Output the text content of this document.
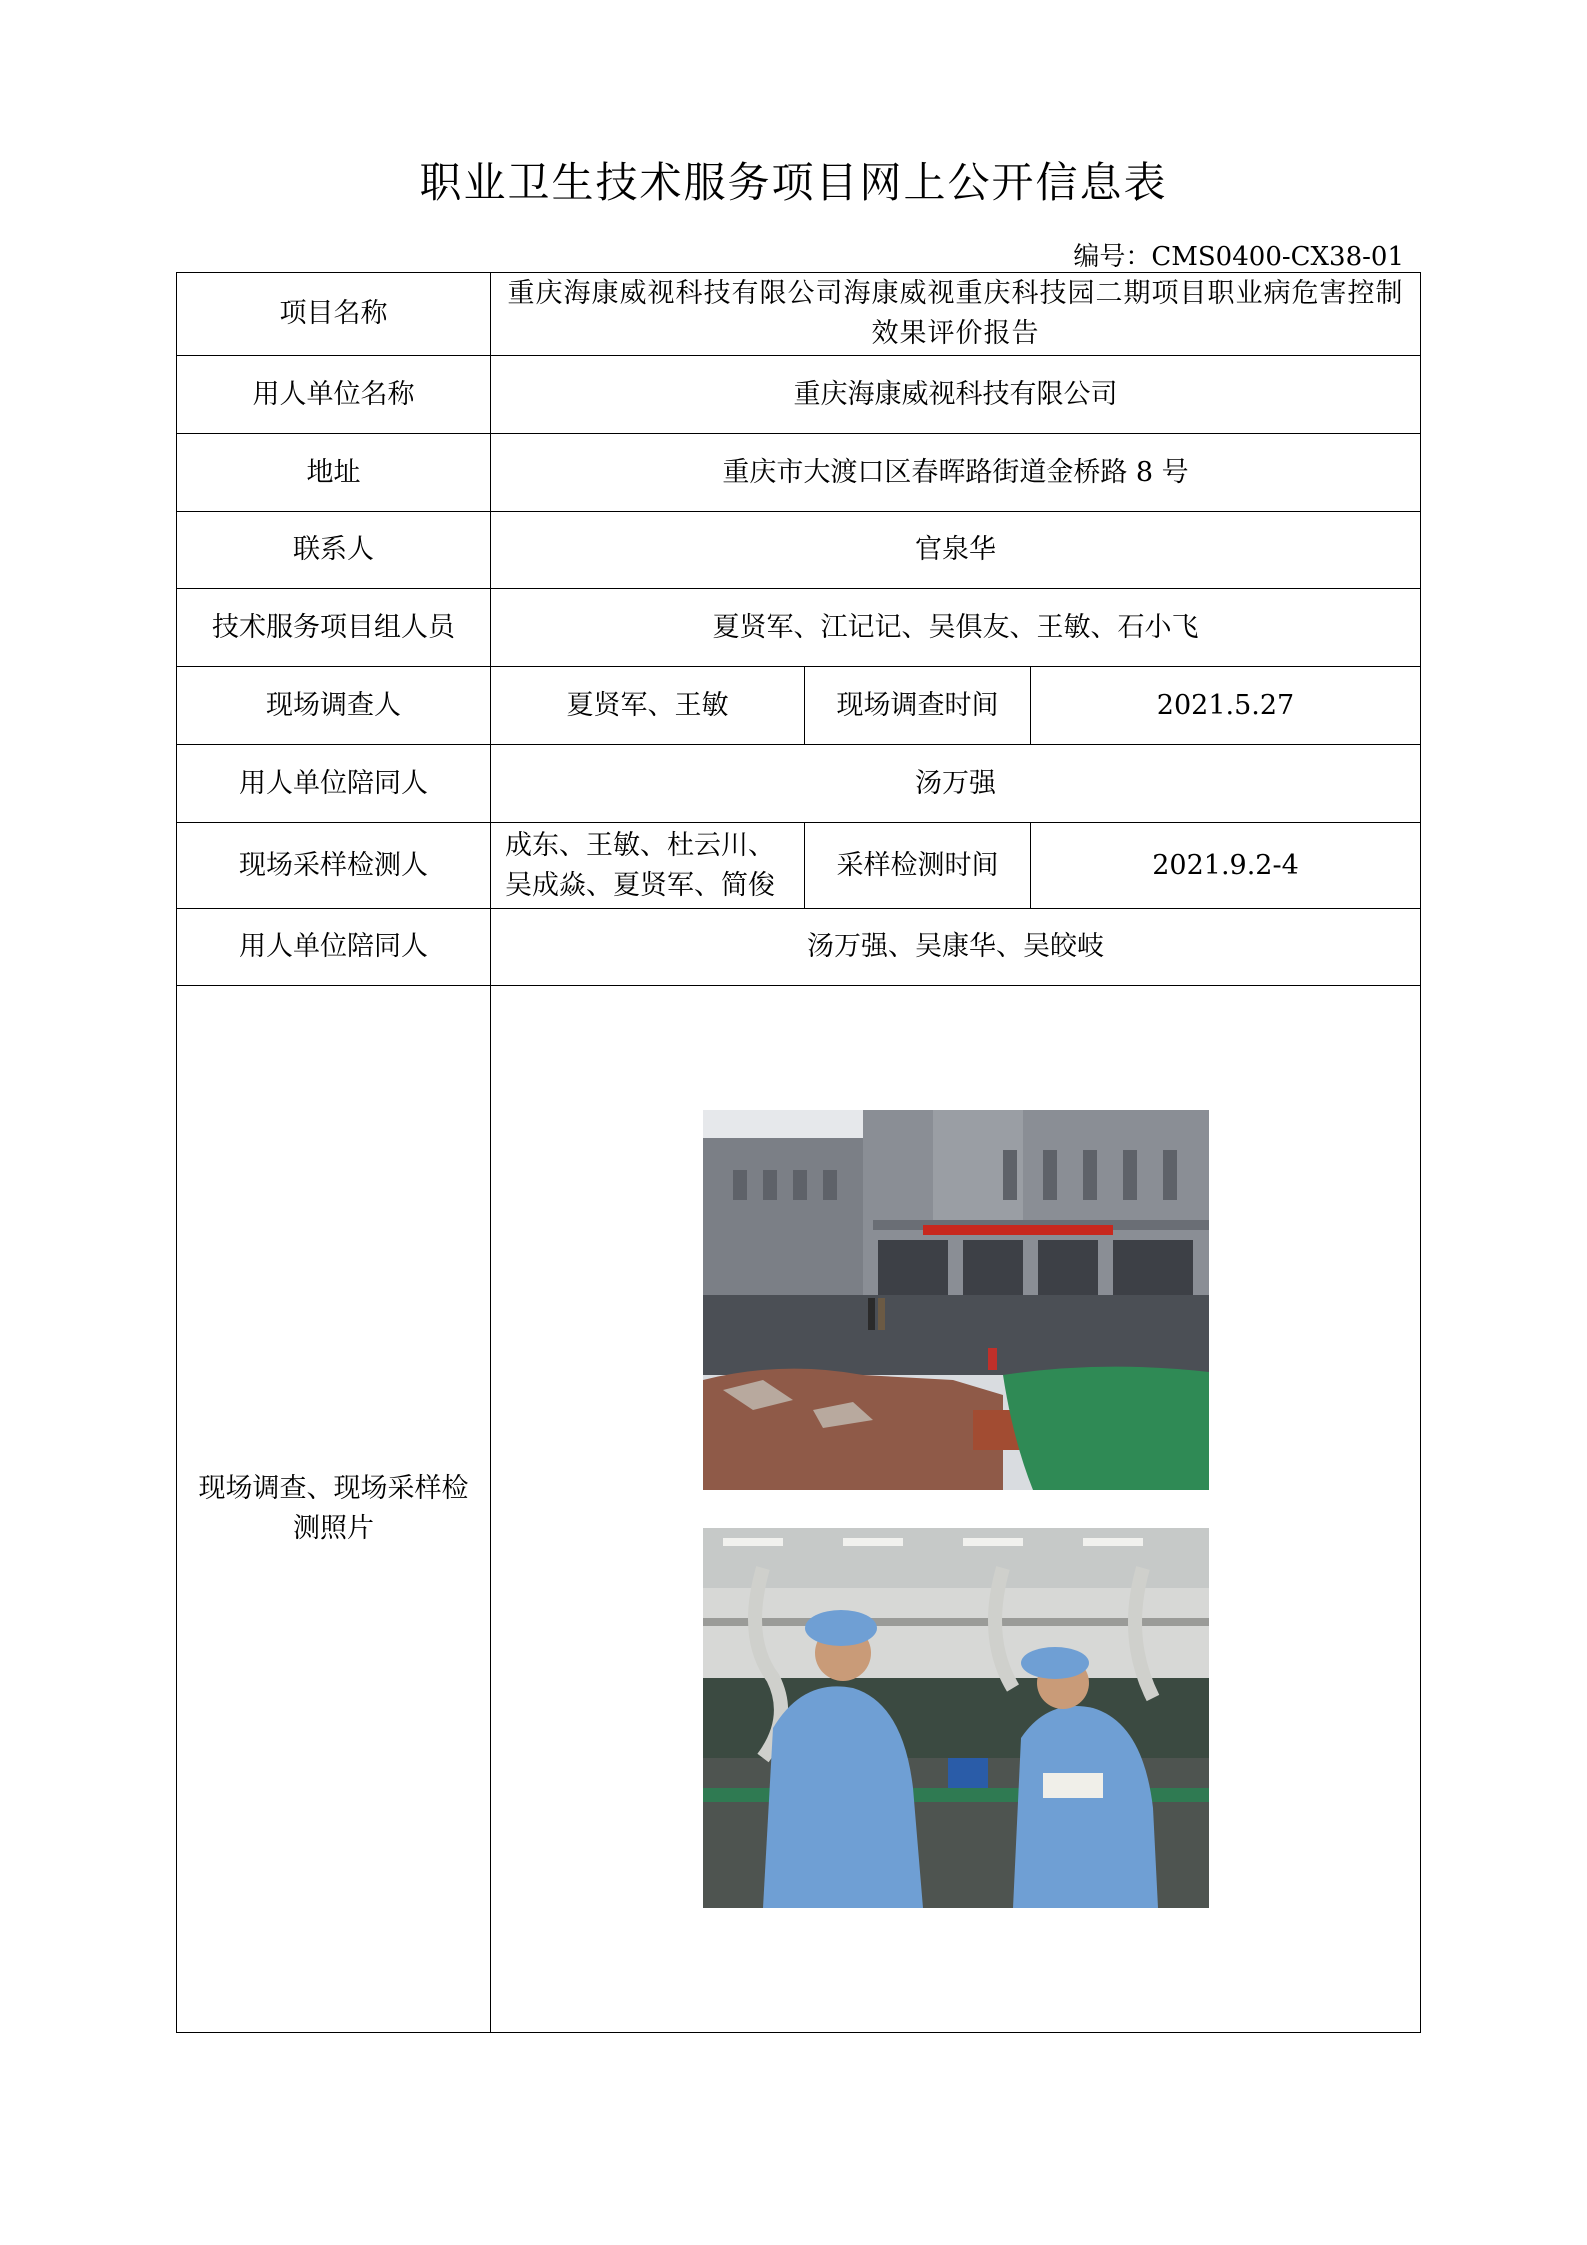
职业卫生技术服务项目网上公开信息表
编号：CMS0400-CX38-01
项目名称	重庆海康威视科技有限公司海康威视重庆科技园二期项目职业病危害控制效果评价报告		
用人单位名称	重庆海康威视科技有限公司		
地址	重庆市大渡口区春晖路街道金桥路 8 号		
联系人	官泉华		
技术服务项目组人员	夏贤军、江记记、吴俱友、王敏、石小飞		
现场调查人	夏贤军、王敏	现场调查时间	2021.5.27
用人单位陪同人	汤万强		
现场采样检测人	成东、王敏、杜云川、吴成焱、夏贤军、简俊	采样检测时间	2021.9.2-4
用人单位陪同人	汤万强、吴康华、吴皎岐		
现场调查、现场采样检测照片	
